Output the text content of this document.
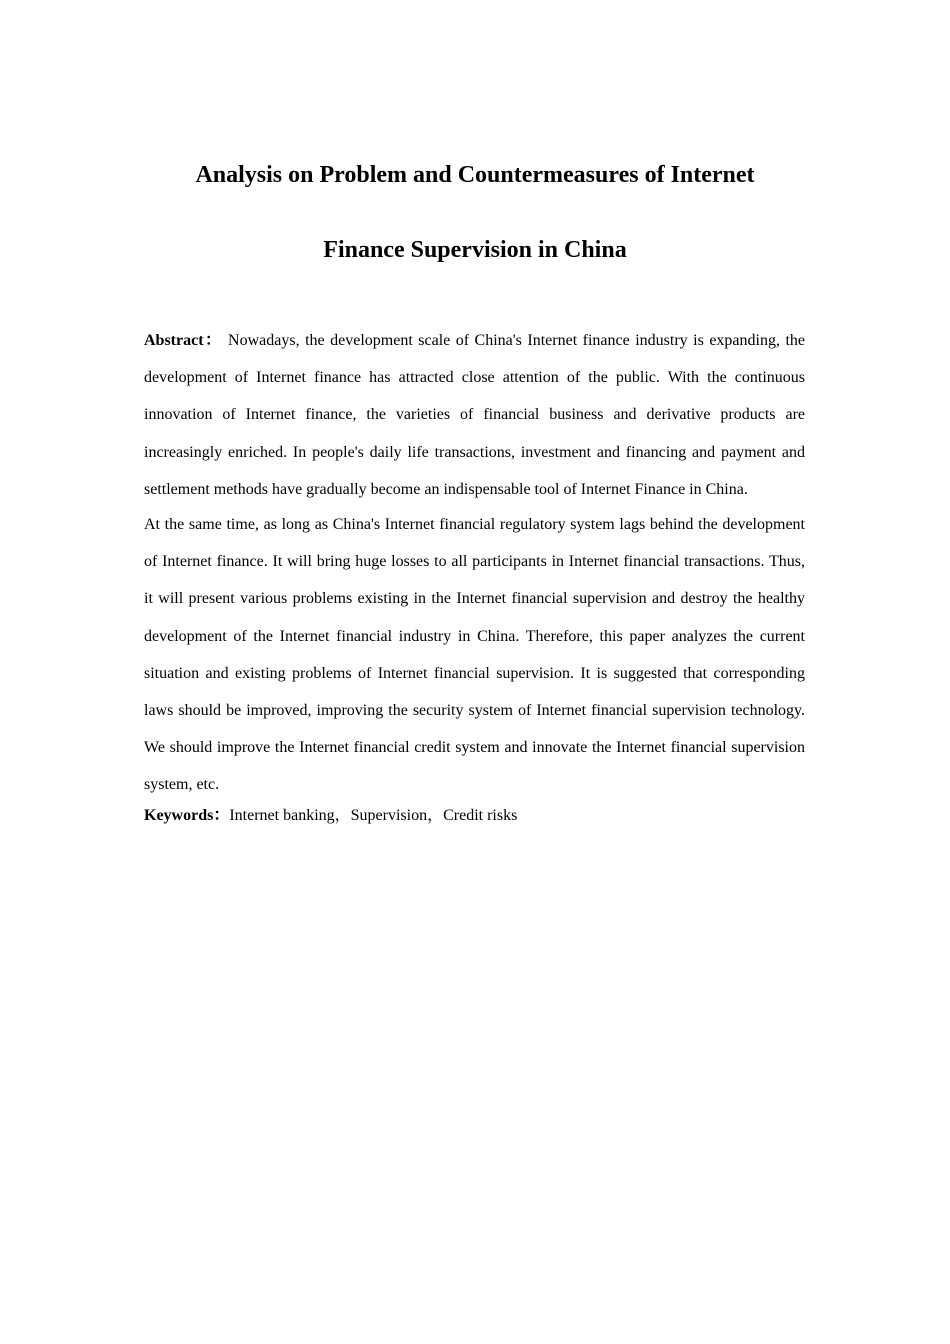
Analysis on Problem and Countermeasures of Internet
Finance Supervision in China

Abstract： Nowadays, the development scale of China's Internet finance industry is expanding, the development of Internet finance has attracted close attention of the public. With the continuous innovation of Internet finance, the varieties of financial business and derivative products are increasingly enriched. In people's daily life transactions, investment and financing and payment and settlement methods have gradually become an indispensable tool of Internet Finance in China.
At the same time, as long as China's Internet financial regulatory system lags behind the development of Internet finance. It will bring huge losses to all participants in Internet financial transactions. Thus, it will present various problems existing in the Internet financial supervision and destroy the healthy development of the Internet financial industry in China. Therefore, this paper analyzes the current situation and existing problems of Internet financial supervision. It is suggested that corresponding laws should be improved, improving the security system of Internet financial supervision technology. We should improve the Internet financial credit system and innovate the Internet financial supervision system, etc.

Keywords：Internet banking，Supervision，Credit risks
